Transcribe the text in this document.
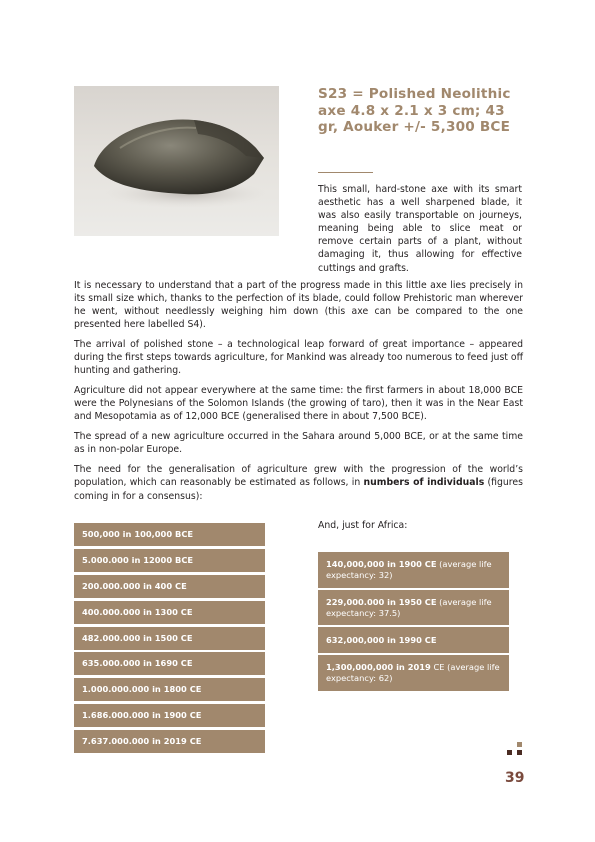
S23 = Polished Neolithic axe 4.8 x 2.1 x 3 cm; 43 gr, Aouker +/- 5,300 BCE

This small, hard-stone axe with its smart aesthetic has a well sharpened blade, it was also easily transportable on journeys, meaning being able to slice meat or remove certain parts of a plant, without damaging it, thus allowing for effective cuttings and grafts.

It is necessary to understand that a part of the progress made in this little axe lies precisely in its small size which, thanks to the perfection of its blade, could follow Prehistoric man wherever he went, without needlessly weighing him down (this axe can be compared to the one presented here labelled S4).

The arrival of polished stone – a technological leap forward of great importance – appeared during the first steps towards agriculture, for Mankind was already too numerous to feed just off hunting and gathering.

Agriculture did not appear everywhere at the same time: the first farmers in about 18,000 BCE were the Polynesians of the Solomon Islands (the growing of taro), then it was in the Near East and Mesopotamia as of 12,000 BCE (generalised there in about 7,500 BCE).

The spread of a new agriculture occurred in the Sahara around 5,000 BCE, or at the same time as in non-polar Europe.

The need for the generalisation of agriculture grew with the progression of the world’s population, which can reasonably be estimated as follows, in numbers of individuals (figures coming in for a consensus):

500,000 in 100,000 BCE
5.000.000 in 12000 BCE
200.000.000 in 400 CE
400.000.000 in 1300 CE
482.000.000 in 1500 CE
635.000.000 in 1690 CE
1.000.000.000 in 1800 CE
1.686.000.000 in 1900 CE
7.637.000.000 in 2019 CE

And, just for Africa:

140,000,000 in 1900 CE (average life expectancy: 32)
229,000.000 in 1950 CE (average life expectancy: 37.5)
632,000,000 in 1990 CE
1,300,000,000 in 2019 CE (average life expectancy: 62)

39
